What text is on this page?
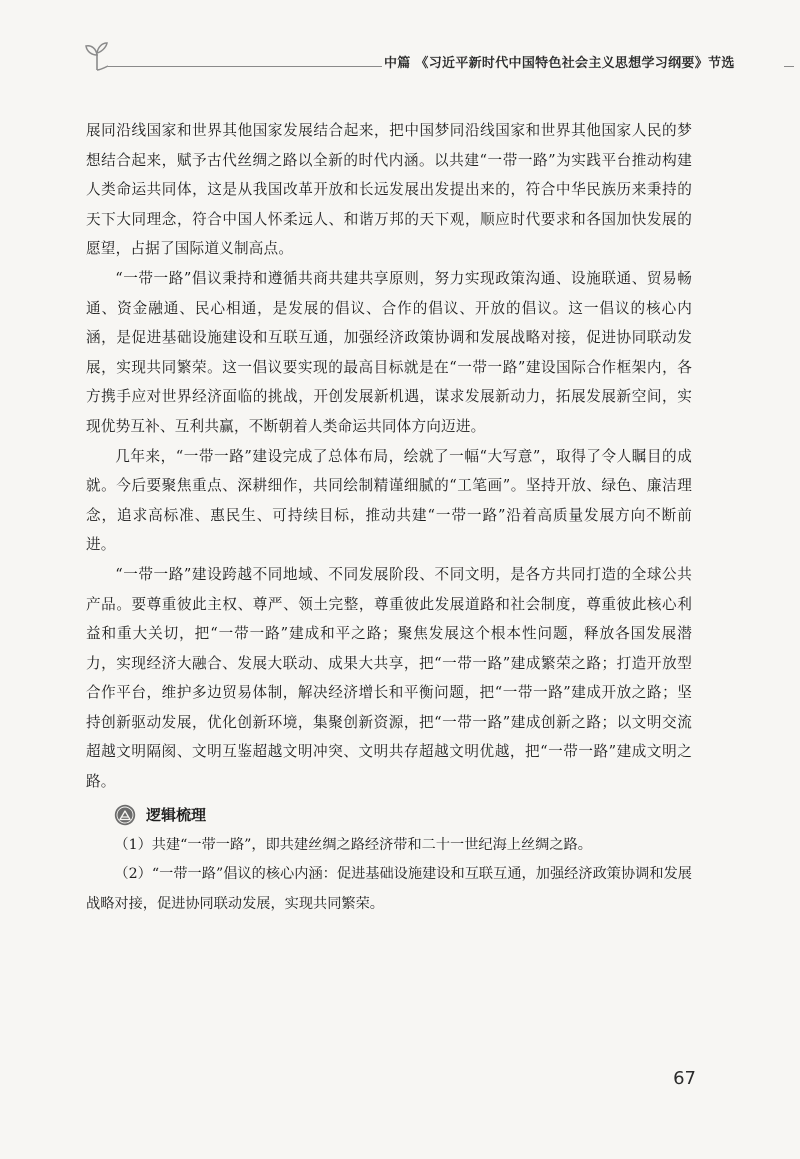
中篇 《习近平新时代中国特色社会主义思想学习纲要》节选

展同沿线国家和世界其他国家发展结合起来，把中国梦同沿线国家和世界其他国家人民的梦想结合起来，赋予古代丝绸之路以全新的时代内涵。以共建“一带一路”为实践平台推动构建人类命运共同体，这是从我国改革开放和长远发展出发提出来的，符合中华民族历来秉持的天下大同理念，符合中国人怀柔远人、和谐万邦的天下观，顺应时代要求和各国加快发展的愿望，占据了国际道义制高点。

“一带一路”倡议秉持和遵循共商共建共享原则，努力实现政策沟通、设施联通、贸易畅通、资金融通、民心相通，是发展的倡议、合作的倡议、开放的倡议。这一倡议的核心内涵，是促进基础设施建设和互联互通，加强经济政策协调和发展战略对接，促进协同联动发展，实现共同繁荣。这一倡议要实现的最高目标就是在“一带一路”建设国际合作框架内，各方携手应对世界经济面临的挑战，开创发展新机遇，谋求发展新动力，拓展发展新空间，实现优势互补、互利共赢，不断朝着人类命运共同体方向迈进。

几年来，“一带一路”建设完成了总体布局，绘就了一幅“大写意”，取得了令人瞩目的成就。今后要聚焦重点、深耕细作，共同绘制精谨细腻的“工笔画”。坚持开放、绿色、廉洁理念，追求高标准、惠民生、可持续目标，推动共建“一带一路”沿着高质量发展方向不断前进。

“一带一路”建设跨越不同地域、不同发展阶段、不同文明，是各方共同打造的全球公共产品。要尊重彼此主权、尊严、领土完整，尊重彼此发展道路和社会制度，尊重彼此核心利益和重大关切，把“一带一路”建成和平之路；聚焦发展这个根本性问题，释放各国发展潜力，实现经济大融合、发展大联动、成果大共享，把“一带一路”建成繁荣之路；打造开放型合作平台，维护多边贸易体制，解决经济增长和平衡问题，把“一带一路”建成开放之路；坚持创新驱动发展，优化创新环境，集聚创新资源，把“一带一路”建成创新之路；以文明交流超越文明隔阂、文明互鉴超越文明冲突、文明共存超越文明优越，把“一带一路”建成文明之路。

逻辑梳理

（1）共建“一带一路”，即共建丝绸之路经济带和二十一世纪海上丝绸之路。

（2）“一带一路”倡议的核心内涵：促进基础设施建设和互联互通，加强经济政策协调和发展战略对接，促进协同联动发展，实现共同繁荣。

67
